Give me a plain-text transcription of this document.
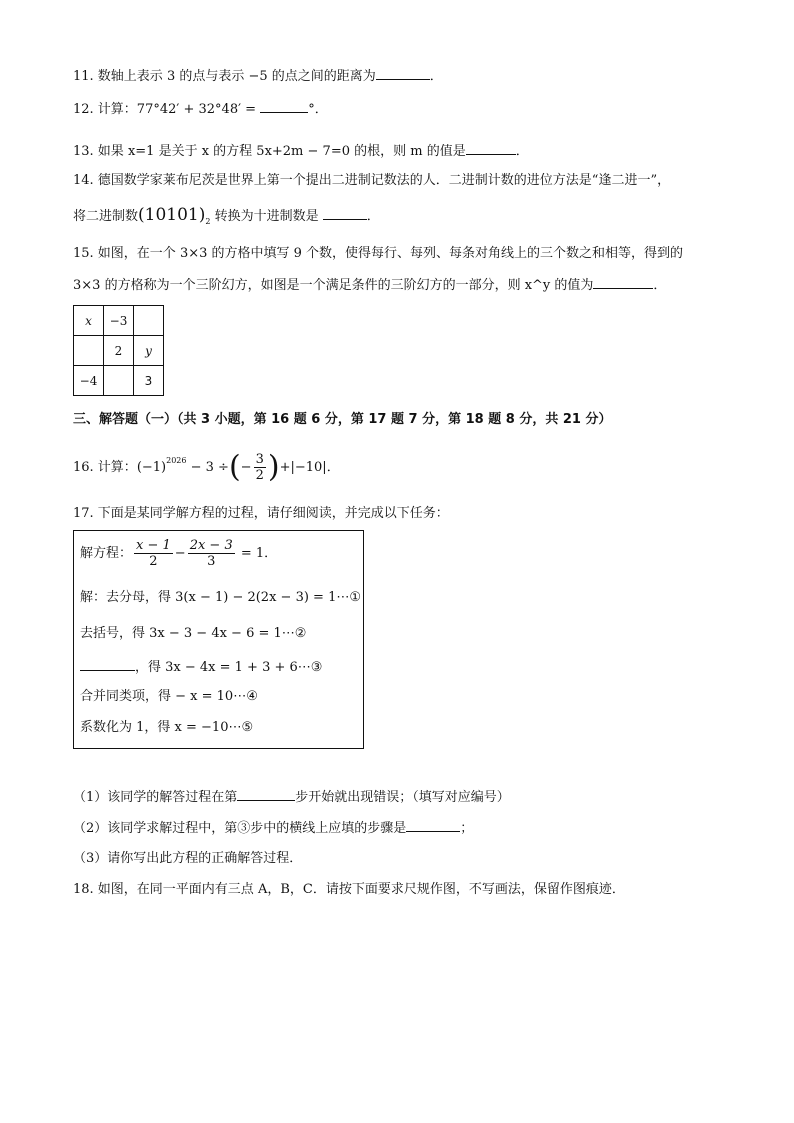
11. 数轴上表示 3 的点与表示 −5 的点之间的距离为	．
12. 计算：77°42′ + 32°48′ =	°．
13. 如果 x=1 是关于 x 的方程 5x+2m − 7=0 的根，则 m 的值是	．
14. 德国数学家莱布尼茨是世界上第一个提出二进制记数法的人．二进制计数的进位方法是“逢二进一”，
将二进制数$(10101)_2$ 转换为十进制数是	．
15. 如图，在一个 3×3 的方格中填写 9 个数，使得每行、每列、每条对角线上的三个数之和相等，得到的
3×3 的方格称为一个三阶幻方，如图是一个满足条件的三阶幻方的一部分，则 x^y 的值为	．
x	−3	
	2	y
−4		3
三、解答题（一）（共 3 小题，第 16 题 6 分，第 17 题 7 分，第 18 题 8 分，共 21 分）
16. 计算：$(-1)^{2026} - 3$ ÷(− $\frac{3}{2} )+|-10|$．
17. 下面是某同学解方程的过程，请仔细阅读，并完成以下任务：
解方程： $\frac{x - 1}{2} - \frac{2x - 3}{3} = 1$．
解：去分母，得 3(x − 1) − 2(2x − 3) = 1⋯①
去括号，得 3x − 3 − 4x − 6 = 1⋯②
，得 3x − 4x = 1 + 3 + 6⋯③
合并同类项，得 − x = 10⋯④
系数化为 1，得 x = −10⋯⑤
（1）该同学的解答过程在第	步开始就出现错误；（填写对应编号）
（2）该同学求解过程中，第③步中的横线上应填的步骤是	；
（3）请你写出此方程的正确解答过程．
18. 如图，在同一平面内有三点 A，B，C．请按下面要求尺规作图，不写画法，保留作图痕迹．
